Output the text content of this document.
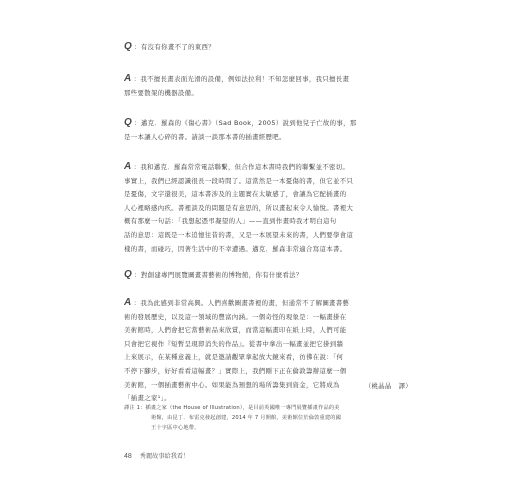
Q ：有沒有你畫不了的東西？
A ：我不擅長畫表面光滑的設備，例如法拉利！不知怎麼回事，我只擅長畫
那些要散架的機器設備。
Q ：邁克．羅森的《傷心書》（Sad Book，2005）說到他兒子亡故的事，那
是一本讓人心碎的書。請談一談那本書的插畫經歷吧。
A ：我和邁克．羅森常常電話聯繫，但合作這本書時我們的聯繫並不密切。
事實上，我們已經認識很長一段時間了。這當然是一本憂傷的書，但它並不只
是憂傷，文字還很美，這本書涉及的主題實在太敏感了，會讓為它配插畫的
人心裡略感內疚。書裡談及的問題是有意思的，所以畫起來令人愉悅。書裡大
概有那麼一句話：「我想起憑弔凝望的人」——直到作畫時我才明白這句
話的意思：這既是一本追憶往昔的書，又是一本展望未來的書，人們要學會這
樣的書，而碰巧，因著生活中的不幸遭遇。邁克．羅森非常適合寫這本書。
Q ：對創建專門展覽圖畫書藝術的博物館，你有什麼看法？
A ：我為此感到非常高興。人們喜歡圖畫書裡的畫，但通常不了解圖畫書藝
術的發展歷史，以及這一領域的豐富內涵。一個奇怪的現象是：一幅畫掛在
美術館時，人們會把它當藝術品來欣賞，而當這幅畫印在紙上時，人們可能
只會把它視作『短暫呈現即消失的作品』。從書中拿出一幅畫並把它掛到牆
上來展示，在某種意義上，就是邀請觀眾拿起放大鏡來看，彷彿在說：「何
不停下腳步，好好看看這幅畫？」實際上，我們剛下正在倫敦籌辦這麼一個
美術館，一個插畫藝術中心。如果能為預想的場所籌集到資金，它將成為
「插畫之家¹」。
（桃晶晶　譯）
譯注 1：插畫之家（the House of Illustration），是目前英國唯一專門展覽插畫作品的美
術館，由昆丁．布雷克發起創建，2014 年 7 月開館，美術館位於倫敦重建的國
王十字區中心地帶。
48 秀麗故事給我看！
